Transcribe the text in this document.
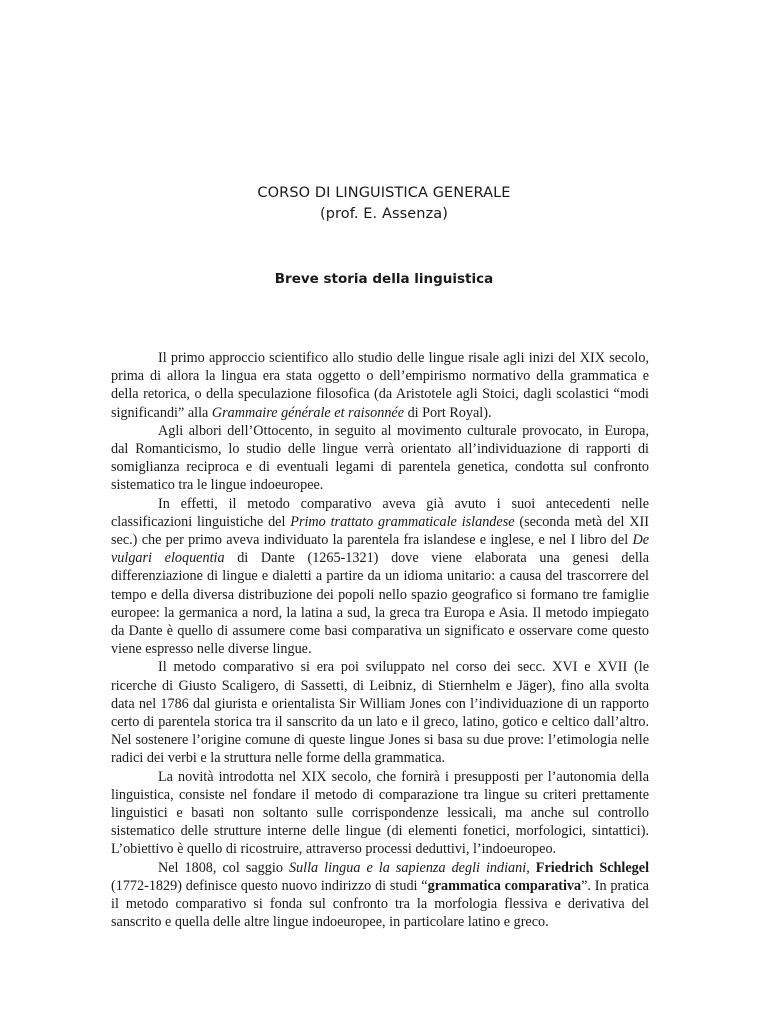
CORSO DI LINGUISTICA GENERALE
(prof. E. Assenza)
Breve storia della linguistica

Il primo approccio scientifico allo studio delle lingue risale agli inizi del XIX secolo, prima di allora la lingua era stata oggetto o dell’empirismo normativo della grammatica e della retorica, o della speculazione filosofica (da Aristotele agli Stoici, dagli scolastici “modi significandi” alla Grammaire générale et raisonnée di Port Royal).

Agli albori dell’Ottocento, in seguito al movimento culturale provocato, in Europa, dal Romanticismo, lo studio delle lingue verrà orientato all’individuazione di rapporti di somiglianza reciproca e di eventuali legami di parentela genetica, condotta sul confronto sistematico tra le lingue indoeuropee.

In effetti, il metodo comparativo aveva già avuto i suoi antecedenti nelle classificazioni linguistiche del Primo trattato grammaticale islandese (seconda metà del XII sec.) che per primo aveva individuato la parentela fra islandese e inglese, e nel I libro del De vulgari eloquentia di Dante (1265-1321) dove viene elaborata una genesi della differenziazione di lingue e dialetti a partire da un idioma unitario: a causa del trascorrere del tempo e della diversa distribuzione dei popoli nello spazio geografico si formano tre famiglie europee: la germanica a nord, la latina a sud, la greca tra Europa e Asia. Il metodo impiegato da Dante è quello di assumere come basi comparativa un significato e osservare come questo viene espresso nelle diverse lingue.

Il metodo comparativo si era poi sviluppato nel corso dei secc. XVI e XVII (le ricerche di Giusto Scaligero, di Sassetti, di Leibniz, di Stiernhelm e Jäger), fino alla svolta data nel 1786 dal giurista e orientalista Sir William Jones con l’individuazione di un rapporto certo di parentela storica tra il sanscrito da un lato e il greco, latino, gotico e celtico dall’altro. Nel sostenere l’origine comune di queste lingue Jones si basa su due prove: l’etimologia nelle radici dei verbi e la struttura nelle forme della grammatica.

La novità introdotta nel XIX secolo, che fornirà i presupposti per l’autonomia della linguistica, consiste nel fondare il metodo di comparazione tra lingue su criteri prettamente linguistici e basati non soltanto sulle corrispondenze lessicali, ma anche sul controllo sistematico delle strutture interne delle lingue (di elementi fonetici, morfologici, sintattici). L’obiettivo è quello di ricostruire, attraverso processi deduttivi, l’indoeuropeo.

Nel 1808, col saggio Sulla lingua e la sapienza degli indiani, Friedrich Schlegel (1772-1829) definisce questo nuovo indirizzo di studi “grammatica comparativa”. In pratica il metodo comparativo si fonda sul confronto tra la morfologia flessiva e derivativa del sanscrito e quella delle altre lingue indoeuropee, in particolare latino e greco.
